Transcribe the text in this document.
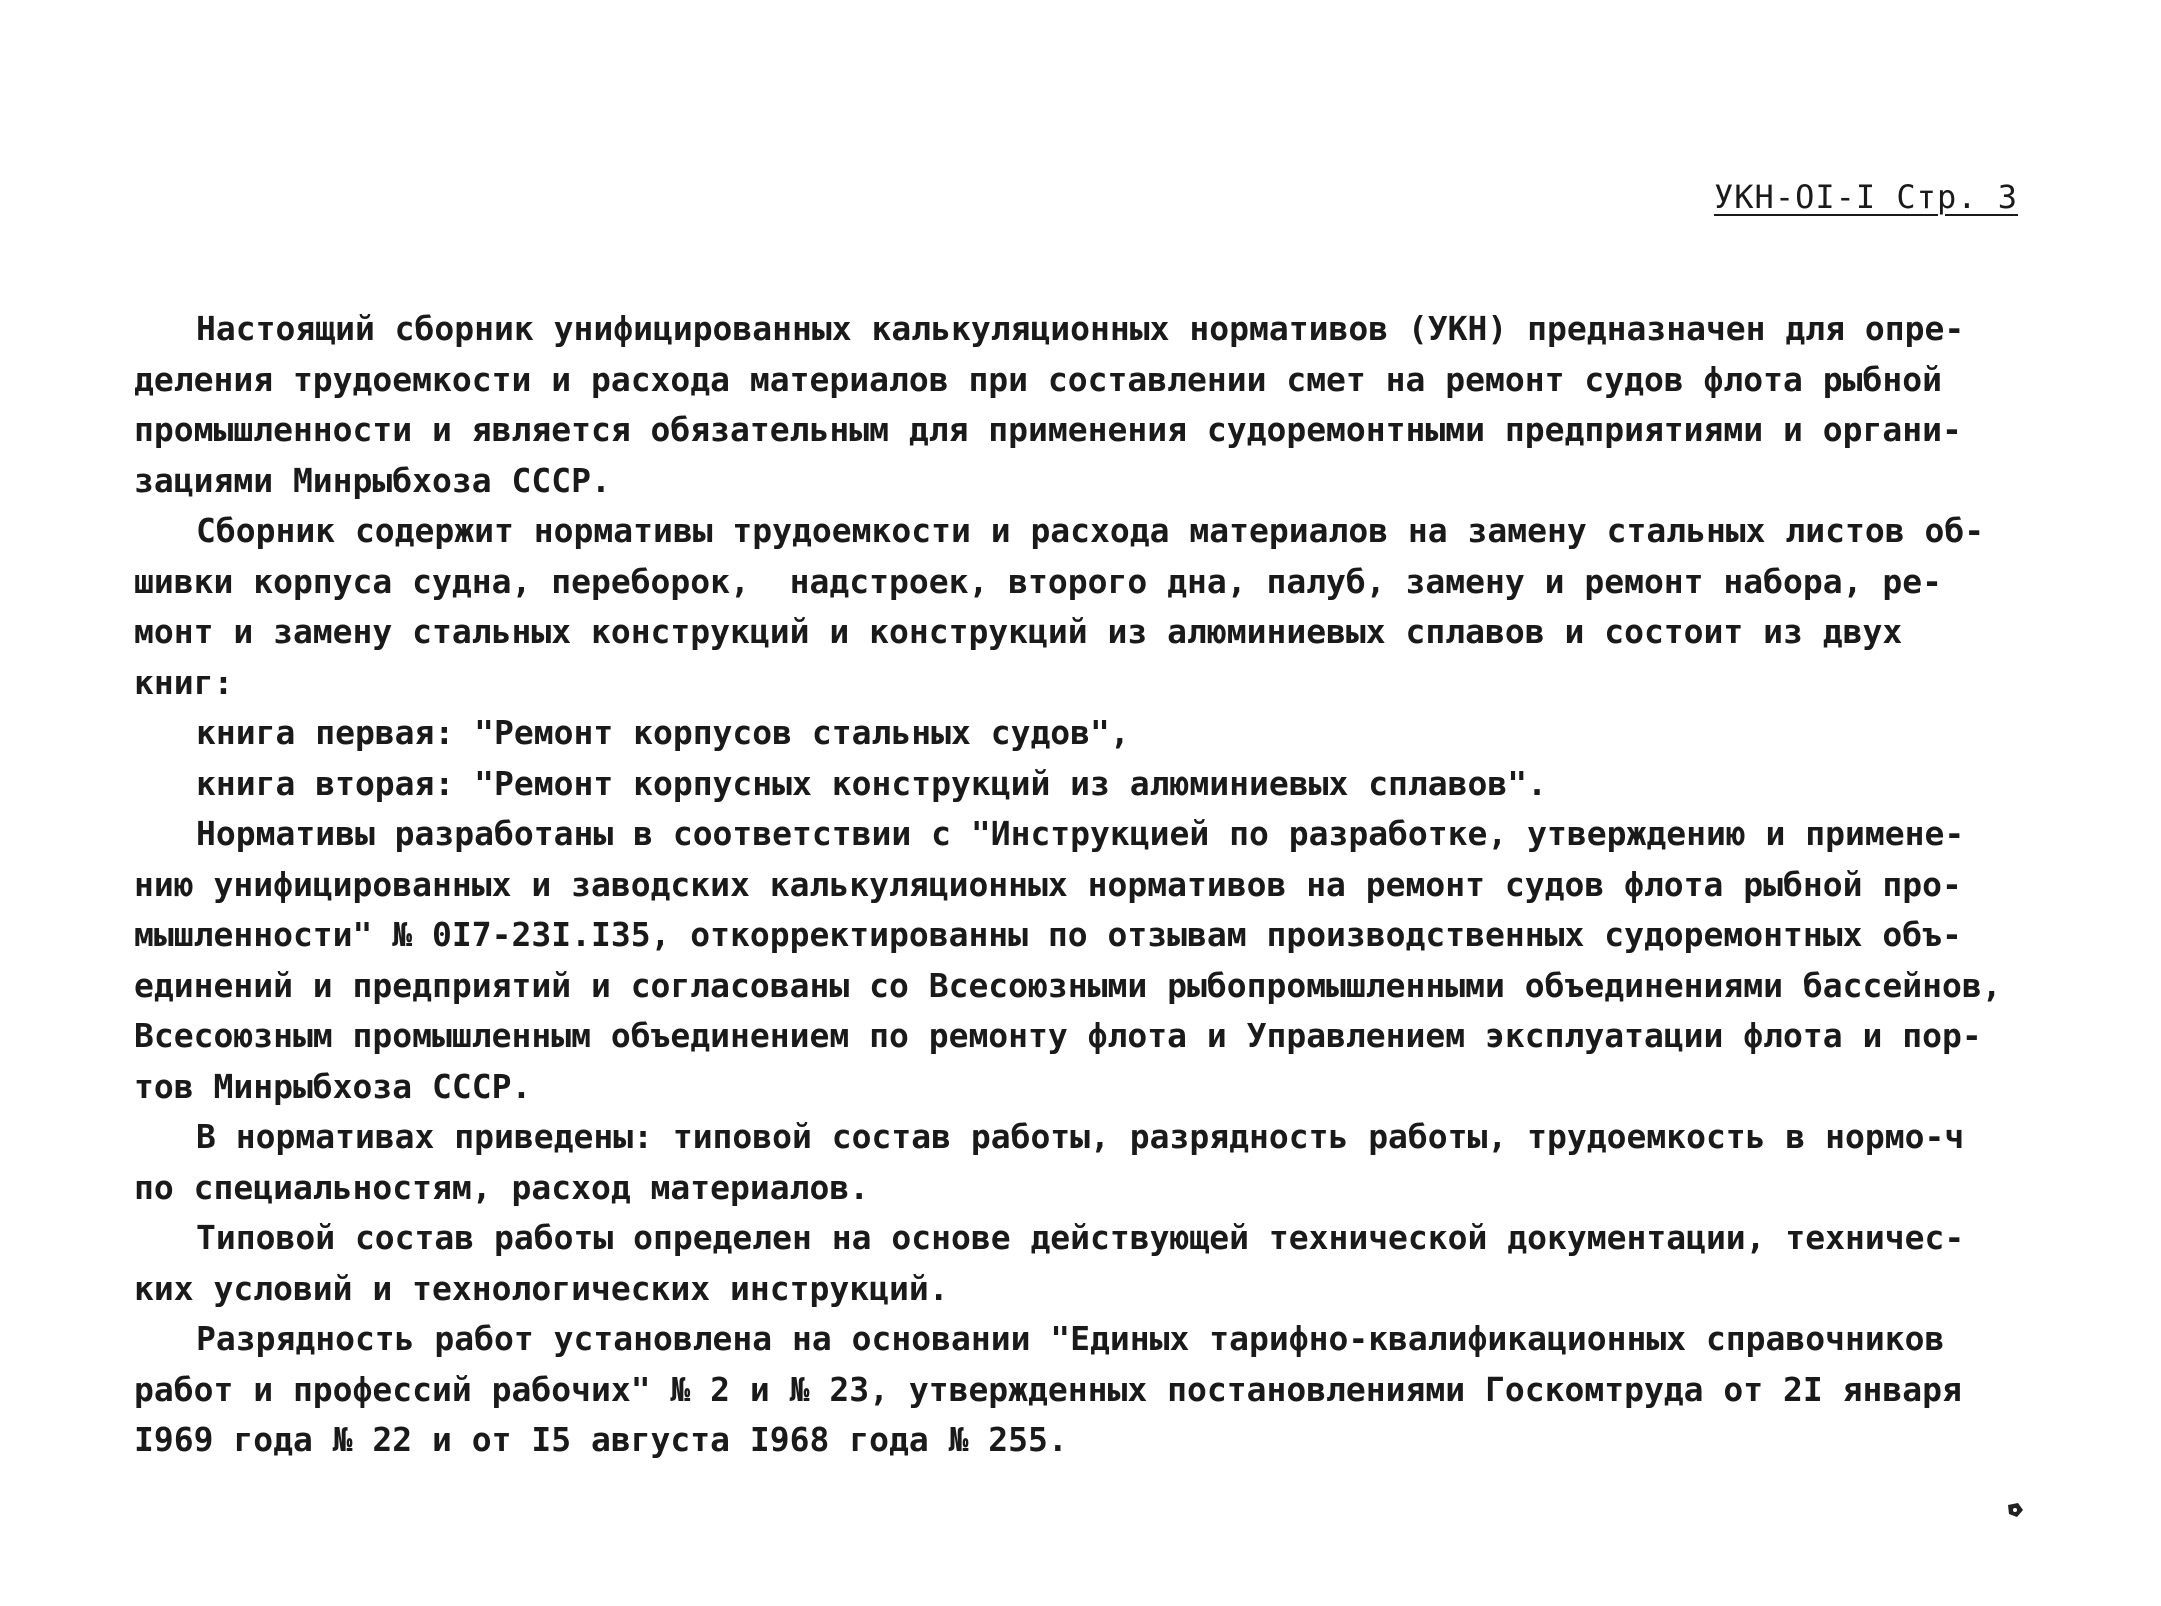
УКН-OI-I Стр. 3
Настоящий сборник унифицированных калькуляционных нормативов (УКН) предназначен для опре-
деления трудоемкости и расхода материалов при составлении смет на ремонт судов флота рыбной
промышленности и является обязательным для применения судоремонтными предприятиями и органи-
зациями Минрыбхоза СССР.
Сборник содержит нормативы трудоемкости и расхода материалов на замену стальных листов об-
шивки корпуса судна, переборок,  надстроек, второго дна, палуб, замену и ремонт набора, ре-
монт и замену стальных конструкций и конструкций из алюминиевых сплавов и состоит из двух
книг:
книга первая: "Ремонт корпусов стальных судов",
книга вторая: "Ремонт корпусных конструкций из алюминиевых сплавов".
Нормативы разработаны в соответствии с "Инструкцией по разработке, утверждению и примене-
нию унифицированных и заводских калькуляционных нормативов на ремонт судов флота рыбной про-
мышленности" № 0I7-23I.I35, откорректированны по отзывам производственных судоремонтных объ-
единений и предприятий и согласованы со Всесоюзными рыбопромышленными объединениями бассейнов,
Всесоюзным промышленным объединением по ремонту флота и Управлением эксплуатации флота и пор-
тов Минрыбхоза СССР.
В нормативах приведены: типовой состав работы, разрядность работы, трудоемкость в нормо-ч
по специальностям, расход материалов.
Типовой состав работы определен на основе действующей технической документации, техничес-
ких условий и технологических инструкций.
Разрядность работ установлена на основании "Единых тарифно-квалификационных справочников
работ и профессий рабочих" № 2 и № 23, утвержденных постановлениями Госкомтруда от 2I января
I969 года № 22 и от I5 августа I968 года № 255.
